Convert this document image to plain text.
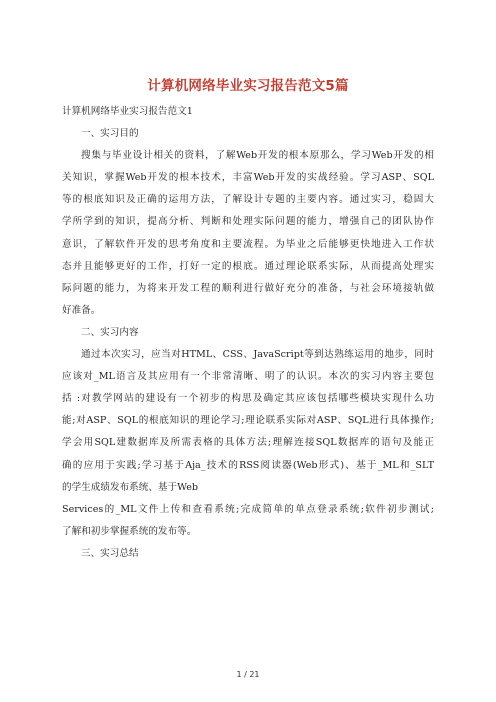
计算机网络毕业实习报告范文5篇

计算机网络毕业实习报告范文1

一、实习目的

搜集与毕业设计相关的资料，了解Web开发的根本原那么，学习Web开发的相
关知识，掌握Web开发的根本技术，丰富Web开发的实战经验。学习ASP、SQL
等的根底知识及正确的运用方法，了解设计专题的主要内容。通过实习，稳固大
学所学到的知识，提高分析、判断和处理实际问题的能力，增强自己的团队协作
意识，了解软件开发的思考角度和主要流程。为毕业之后能够更快地进入工作状
态并且能够更好的工作，打好一定的根底。通过理论联系实际，从而提高处理实
际问题的能力，为将来开发工程的顺利进行做好充分的准备，与社会环境接轨做
好准备。

二、实习内容

通过本次实习，应当对HTML、CSS、JavaScript等到达熟练运用的地步，同时
应该对_ML语言及其应用有一个非常清晰、明了的认识。本次的实习内容主要包
括 :对教学网站的建设有一个初步的构思及确定其应该包括哪些模块实现什么功
能;对ASP、SQL的根底知识的理论学习;理论联系实际对ASP、SQL进行具体操作;
学会用SQL建数据库及所需表格的具体方法;理解连接SQL数据库的语句及能正
确的应用于实践;学习基于Aja_技术的RSS阅读器(Web形式)、基于_ML和_SLT
的学生成绩发布系统、基于Web
Services的_ML文件上传和查看系统;完成简单的单点登录系统;软件初步测试;
了解和初步掌握系统的发布等。

三、实习总结

1 / 21
